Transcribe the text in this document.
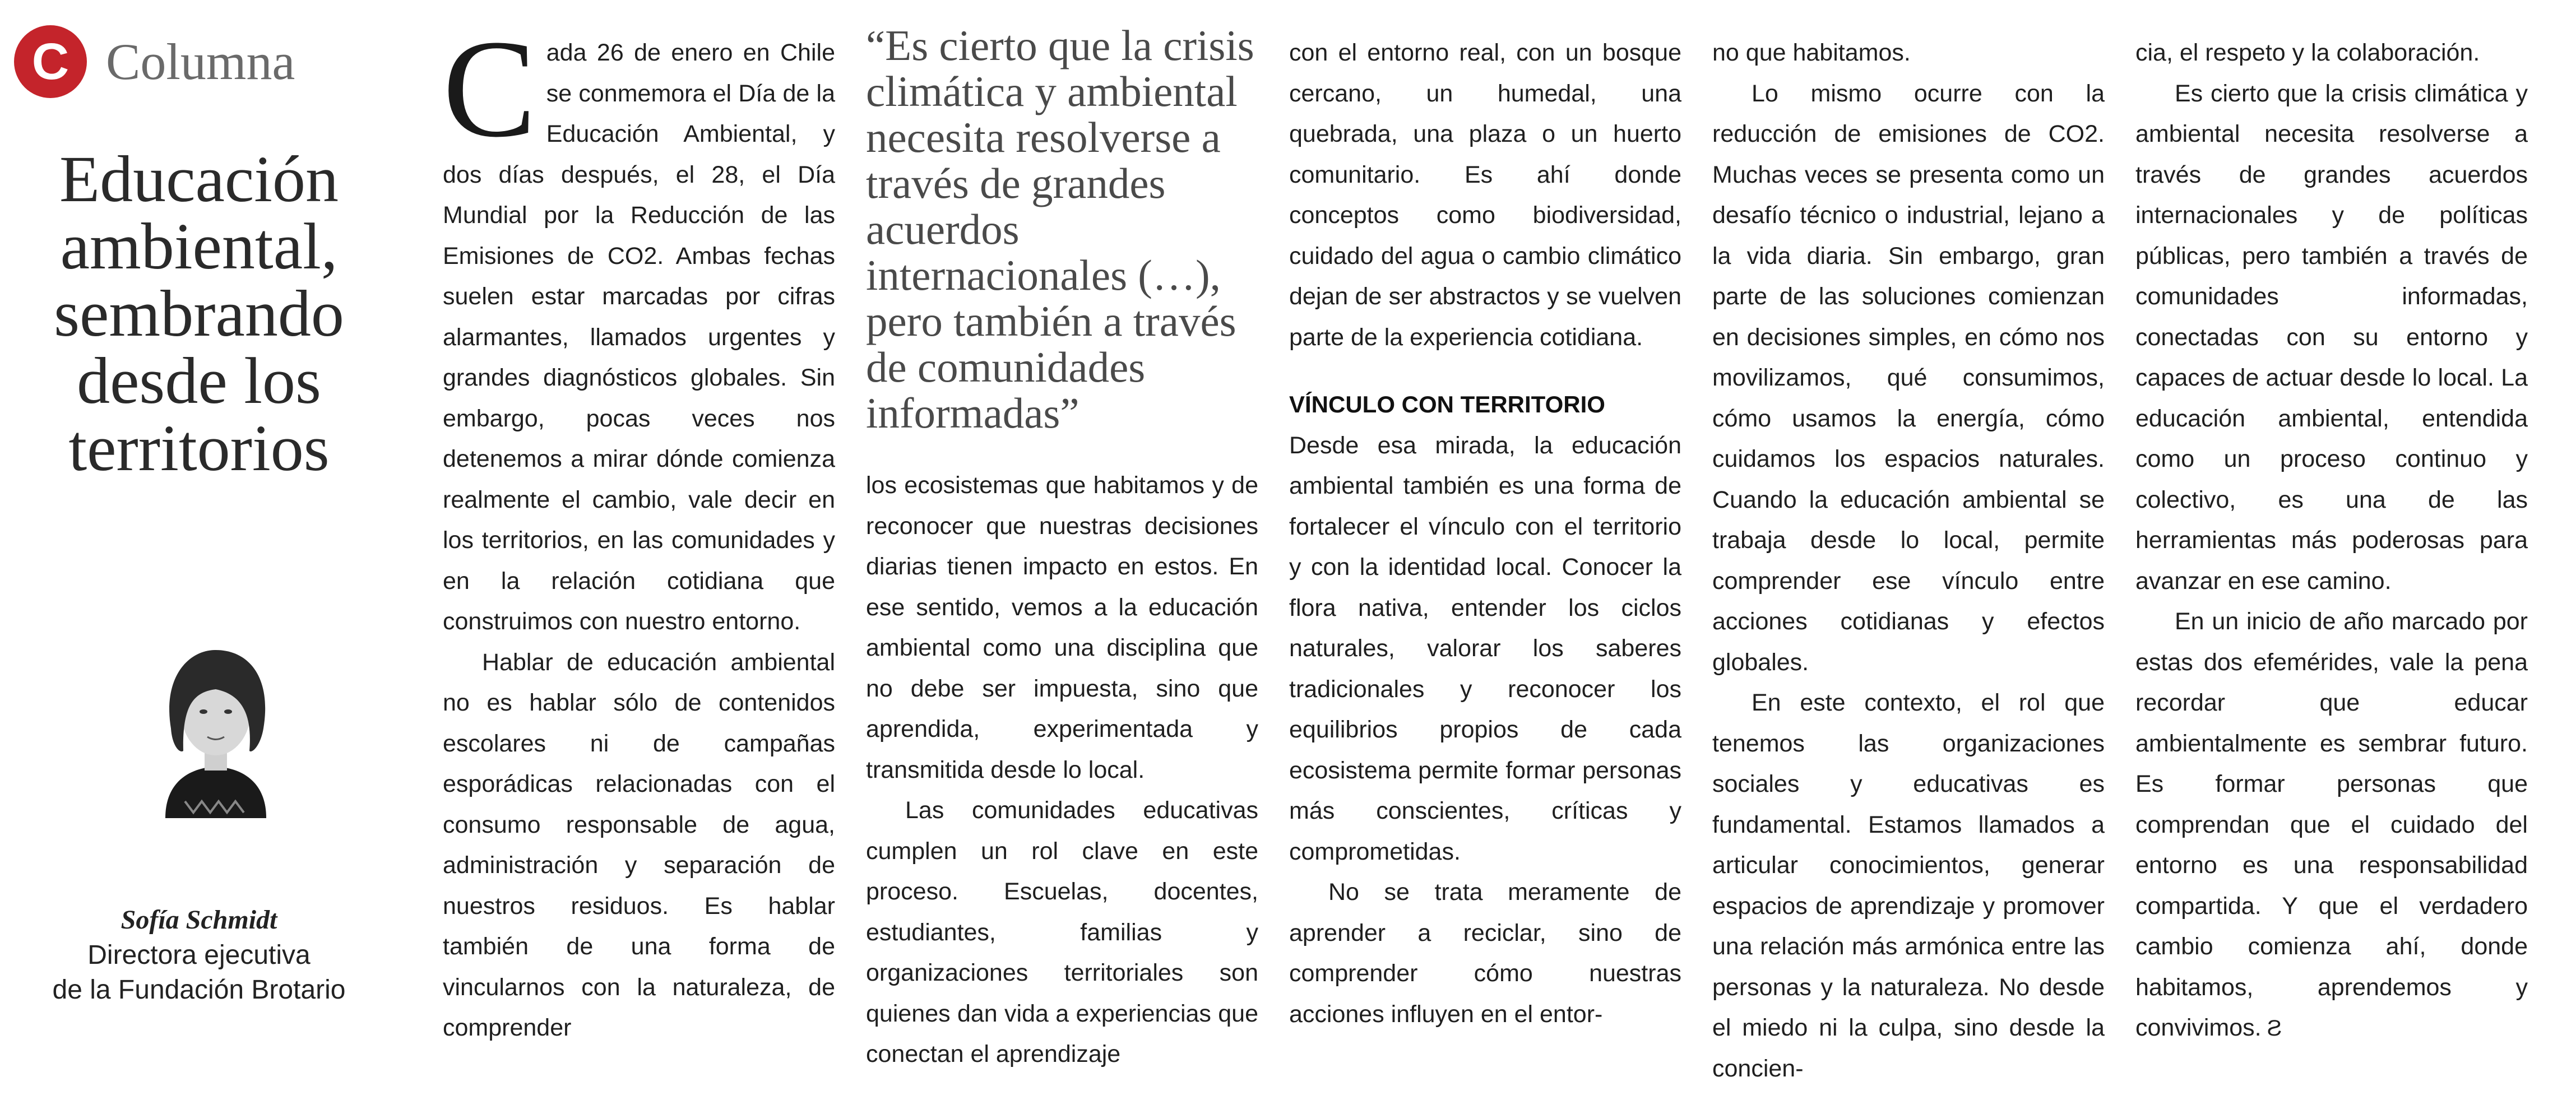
C Columna
Educación
ambiental,
sembrando
desde los
territorios
Sofía Schmidt
Directora ejecutiva
de la Fundación Brotario
C ada 26 de enero en Chile se conmemora el Día de la Educación Ambiental, y dos días después, el 28, el Día Mundial por la Reducción de las Emisiones de CO2. Ambas fechas suelen estar marcadas por cifras alarmantes, llamados urgentes y grandes diagnósticos globales. Sin embargo, pocas veces nos detenemos a mirar dónde comienza realmente el cambio, vale decir en los territorios, en las comunidades y en la relación cotidiana que construimos con nuestro entorno.

Hablar de educación ambiental no es hablar sólo de contenidos escolares ni de campañas esporádicas relacionadas con el consumo responsable de agua, administración y separación de nuestros residuos. Es hablar también de una forma de vincularnos con la naturaleza, de comprender

“Es cierto que la crisis climática y ambiental necesita resolverse a través de grandes acuerdos internacionales (…), pero también a través de comunidades informadas”

los ecosistemas que habitamos y de reconocer que nuestras decisiones diarias tienen impacto en estos. En ese sentido, vemos a la educación ambiental como una disciplina que no debe ser impuesta, sino que aprendida, experimentada y transmitida desde lo local.

Las comunidades educativas cumplen un rol clave en este proceso. Escuelas, docentes, estudiantes, familias y organizaciones territoriales son quienes dan vida a experiencias que conectan el aprendizaje

con el entorno real, con un bosque cercano, un humedal, una quebrada, una plaza o un huerto comunitario. Es ahí donde conceptos como biodiversidad, cuidado del agua o cambio climático dejan de ser abstractos y se vuelven parte de la experiencia cotidiana.

VÍNCULO CON TERRITORIO

Desde esa mirada, la educación ambiental también es una forma de fortalecer el vínculo con el territorio y con la identidad local. Conocer la flora nativa, entender los ciclos naturales, valorar los saberes tradicionales y reconocer los equilibrios propios de cada ecosistema permite formar personas más conscientes, críticas y comprometidas.

No se trata meramente de aprender a reciclar, sino de comprender cómo nuestras acciones influyen en el entor-

no que habitamos.

Lo mismo ocurre con la reducción de emisiones de CO2. Muchas veces se presenta como un desafío técnico o industrial, lejano a la vida diaria. Sin embargo, gran parte de las soluciones comienzan en decisiones simples, en cómo nos movilizamos, qué consumimos, cómo usamos la energía, cómo cuidamos los espacios naturales. Cuando la educación ambiental se trabaja desde lo local, permite comprender ese vínculo entre acciones cotidianas y efectos globales.

En este contexto, el rol que tenemos las organizaciones sociales y educativas es fundamental. Estamos llamados a articular conocimientos, generar espacios de aprendizaje y promover una relación más armónica entre las personas y la naturaleza. No desde el miedo ni la culpa, sino desde la concien-

cia, el respeto y la colaboración.

Es cierto que la crisis climática y ambiental necesita resolverse a través de grandes acuerdos internacionales y de políticas públicas, pero también a través de comunidades informadas, conectadas con su entorno y capaces de actuar desde lo local. La educación ambiental, entendida como un proceso continuo y colectivo, es una de las herramientas más poderosas para avanzar en ese camino.

En un inicio de año marcado por estas dos efemérides, vale la pena recordar que educar ambientalmente es sembrar futuro. Es formar personas que comprendan que el cuidado del entorno es una responsabilidad compartida. Y que el verdadero cambio comienza ahí, donde habitamos, aprendemos y convivimos. Ƨ
